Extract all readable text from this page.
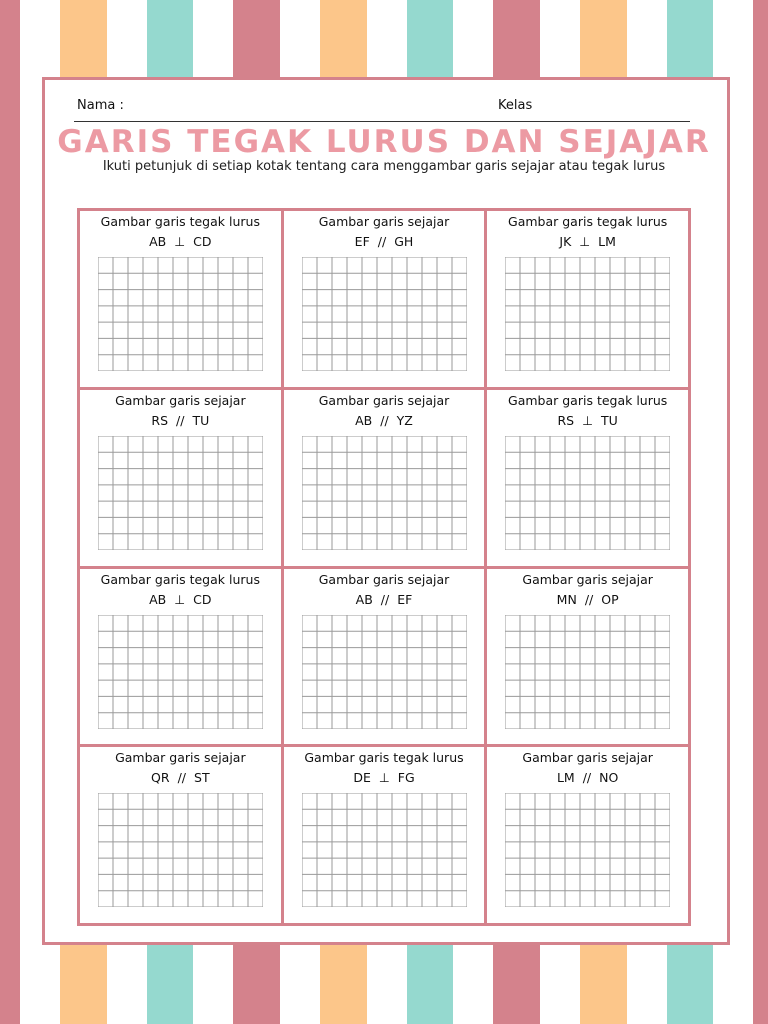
Nama :	Kelas
GARIS TEGAK LURUS DAN SEJAJAR
Ikuti petunjuk di setiap kotak tentang cara menggambar garis sejajar atau tegak lurus
Gambar garis tegak lurus
AB ⊥ CD
Gambar garis sejajar
EF // GH
Gambar garis tegak lurus
JK ⊥ LM
Gambar garis sejajar
RS // TU
Gambar garis sejajar
AB // YZ
Gambar garis tegak lurus
RS ⊥ TU
Gambar garis tegak lurus
AB ⊥ CD
Gambar garis sejajar
AB // EF
Gambar garis sejajar
MN // OP
Gambar garis sejajar
QR // ST
Gambar garis tegak lurus
DE ⊥ FG
Gambar garis sejajar
LM // NO
